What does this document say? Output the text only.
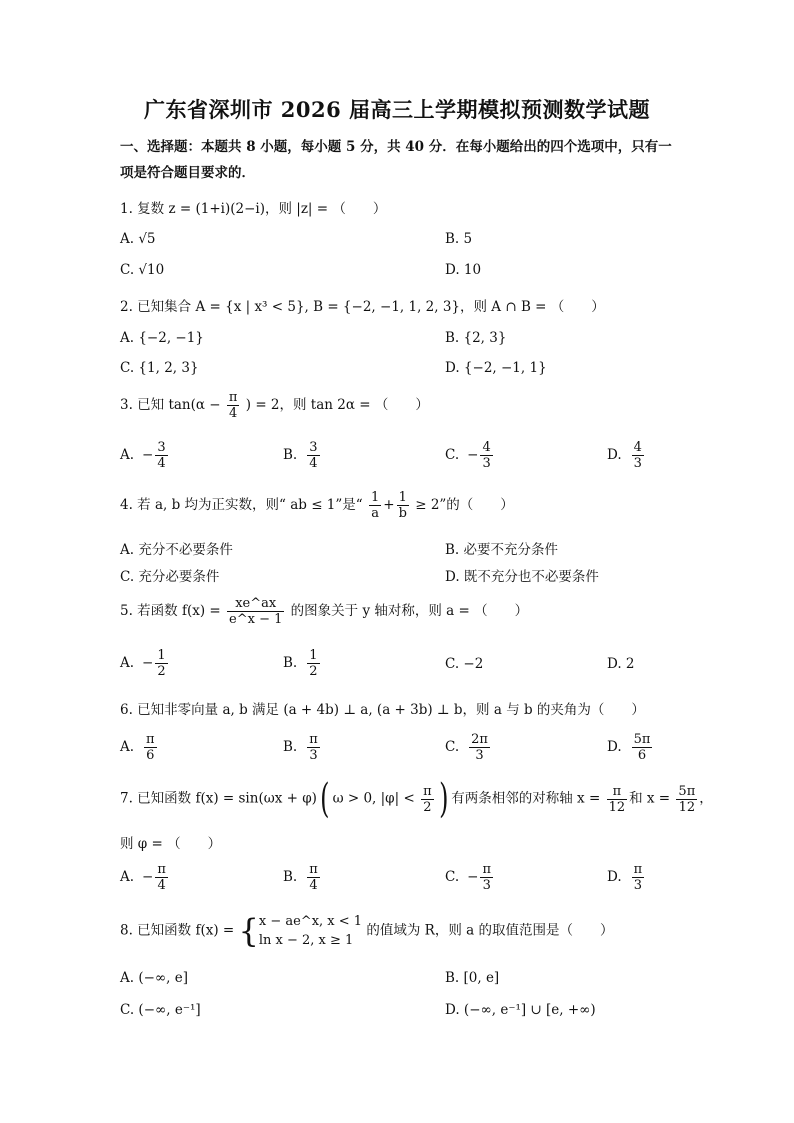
广东省深圳市 2026 届高三上学期模拟预测数学试题
一、选择题：本题共 8 小题，每小题 5 分，共 40 分．在每小题给出的四个选项中，只有一项是符合题目要求的．
1. 复数 z = (1+i)(2−i)，则 |z| = （　　）
A. √5	B. 5
C. √10	D. 10
2. 已知集合 A = {x | x³ < 5}, B = {−2, −1, 1, 2, 3}，则 A ∩ B = （　　）
A. {−2, −1}	B. {2, 3}
C. {1, 2, 3}	D. {−2, −1, 1}
3. 已知 $\tan(\alpha - \frac{\pi}{4}$ ) = 2，则 tan 2α = （　　）
A. − $\frac{3}{4}$	B. $\frac{3}{4}$	C. − $\frac{4}{3}$	D. $\frac{4}{3}$
4. 若 a, b 均为正实数，则“ ab ≤ 1”是“ $\frac{1}{a} + \frac{1}{b} \ge 2$”的（　　）
A. 充分不必要条件	B. 必要不充分条件
C. 充分必要条件	D. 既不充分也不必要条件
5. 若函数 $f(x) = \frac{xe\^{}ax}{e\^{}x - 1}$ 的图象关于 y 轴对称，则 a = （　　）
A. − $\frac{1}{2}$	B. $\frac{1}{2}$	C. −2	D. 2
6. 已知非零向量 a, b 满足 (a + 4b) ⊥ a, (a + 3b) ⊥ b，则 a 与 b 的夹角为（　　）
A. $\frac{\pi}{6}$	B. $\frac{\pi}{3}$	C. $\frac{2\pi}{3}$	D. $\frac{5\pi}{6}$
7. 已知函数 f(x) = sin(ωx + φ)( ω > 0, $|\varphi| < \frac{\pi}{2}$ ) 有两条相邻的对称轴 $x = \frac{\pi}{12}$ 和 $x = \frac{5\pi}{12}$ ，
则 φ = （　　）
A. − $\frac{\pi}{4}$	B. $\frac{\pi}{4}$	C. − $\frac{\pi}{3}$	D. $\frac{\pi}{3}$
8. 已知函数 f(x) = { x − ae^x, x < 1
ln x − 2, x ≥ 1
的值域为 R，则 a 的取值范围是（　　）
A. (−∞, e]	B. [0, e]
C. (−∞, e⁻¹]	D. (−∞, e⁻¹] ∪ [e, +∞)
